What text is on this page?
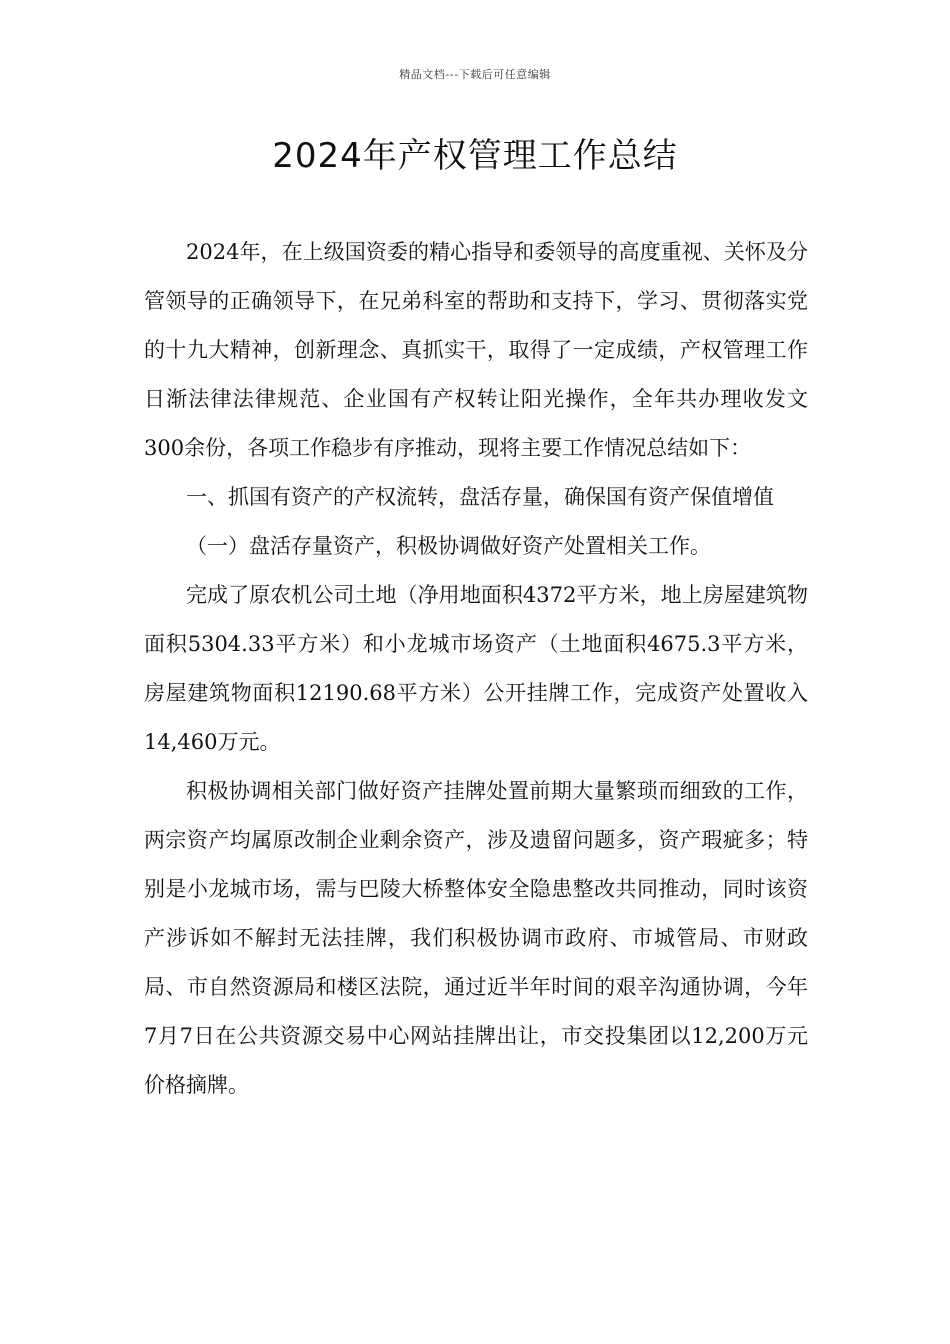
精品文档---下载后可任意编辑
2024年产权管理工作总结

2024年，在上级国资委的精心指导和委领导的高度重视、关怀及分管领导的正确领导下，在兄弟科室的帮助和支持下，学习、贯彻落实党的十九大精神，创新理念、真抓实干，取得了一定成绩，产权管理工作日渐法律法律规范、企业国有产权转让阳光操作，全年共办理收发文300余份，各项工作稳步有序推动，现将主要工作情况总结如下：

一、抓国有资产的产权流转，盘活存量，确保国有资产保值增值

（一）盘活存量资产，积极协调做好资产处置相关工作。

完成了原农机公司土地（净用地面积4372平方米，地上房屋建筑物面积5304.33平方米）和小龙城市场资产（土地面积4675.3平方米，房屋建筑物面积12190.68平方米）公开挂牌工作，完成资产处置收入14,460万元。

积极协调相关部门做好资产挂牌处置前期大量繁琐而细致的工作，两宗资产均属原改制企业剩余资产，涉及遗留问题多，资产瑕疵多；特别是小龙城市场，需与巴陵大桥整体安全隐患整改共同推动，同时该资产涉诉如不解封无法挂牌，我们积极协调市政府、市城管局、市财政局、市自然资源局和楼区法院，通过近半年时间的艰辛沟通协调，今年7月7日在公共资源交易中心网站挂牌出让，市交投集团以12,200万元价格摘牌。
